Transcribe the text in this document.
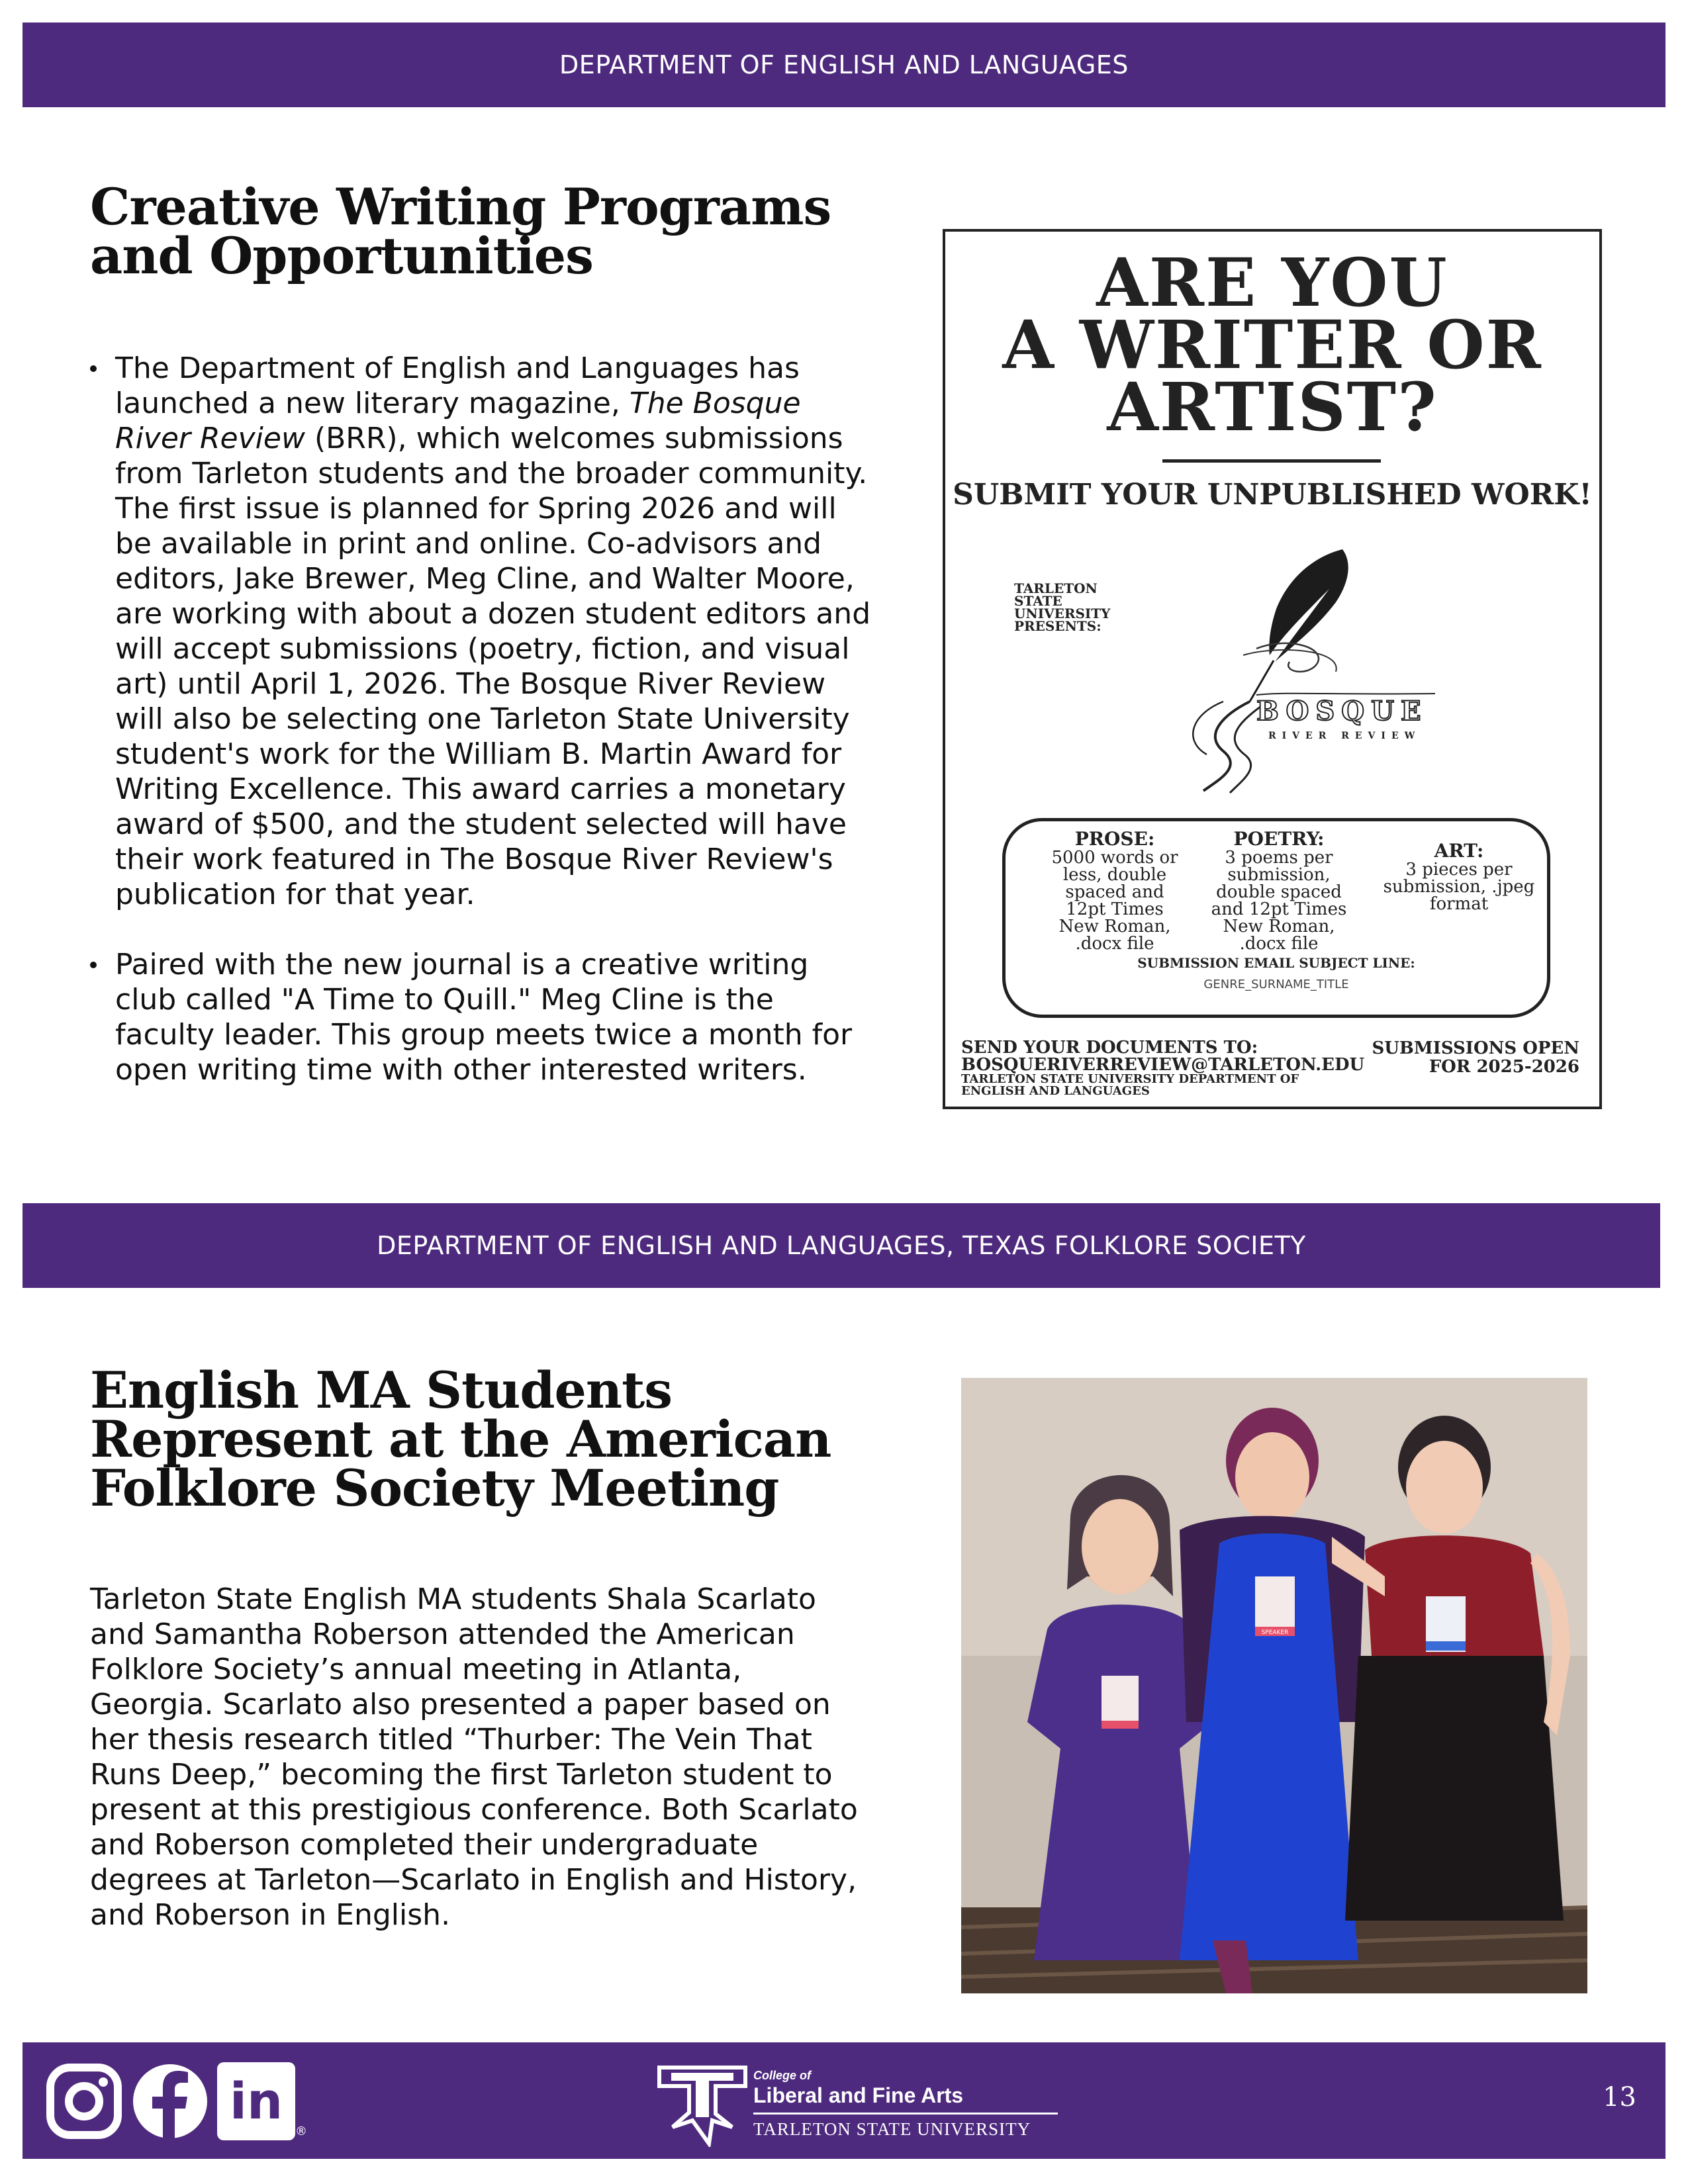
DEPARTMENT OF ENGLISH AND LANGUAGES
Creative Writing Programs and Opportunities
The Department of English and Languages has launched a new literary magazine, The Bosque River Review (BRR), which welcomes submissions from Tarleton students and the broader community. The first issue is planned for Spring 2026 and will be available in print and online. Co-advisors and editors, Jake Brewer, Meg Cline, and Walter Moore, are working with about a dozen student editors and will accept submissions (poetry, fiction, and visual art) until April 1, 2026. The Bosque River Review will also be selecting one Tarleton State University student's work for the William B. Martin Award for Writing Excellence. This award carries a monetary award of $500, and the student selected will have their work featured in The Bosque River Review's publication for that year.
Paired with the new journal is a creative writing club called "A Time to Quill." Meg Cline is the faculty leader. This group meets twice a month for open writing time with other interested writers.
ARE YOU
A WRITER OR
ARTIST?
SUBMIT YOUR UNPUBLISHED WORK!
TARLETON STATE UNIVERSITY PRESENTS:
BOSQUE
RIVER REVIEW
PROSE:
5000 words or less, double spaced and 12pt Times New Roman, .docx file
POETRY:
3 poems per submission, double spaced and 12pt Times New Roman, .docx file
ART:
3 pieces per submission, .jpeg format
SUBMISSION EMAIL SUBJECT LINE:
GENRE_SURNAME_TITLE
SEND YOUR DOCUMENTS TO:
BOSQUERIVERREVIEW@TARLETON.EDU
TARLETON STATE UNIVERSITY DEPARTMENT OF ENGLISH AND LANGUAGES
SUBMISSIONS OPEN
FOR 2025-2026
DEPARTMENT OF ENGLISH AND LANGUAGES, TEXAS FOLKLORE SOCIETY
English MA Students Represent at the American Folklore Society Meeting

Tarleton State English MA students Shala Scarlato and Samantha Roberson attended the American Folklore Society’s annual meeting in Atlanta, Georgia. Scarlato also presented a paper based on her thesis research titled “Thurber: The Vein That Runs Deep,” becoming the first Tarleton student to present at this prestigious conference. Both Scarlato and Roberson completed their undergraduate degrees at Tarleton—Scarlato in English and History, and Roberson in English.

SPEAKER
in
®
College of
Liberal and Fine Arts
TARLETON STATE UNIVERSITY
13
